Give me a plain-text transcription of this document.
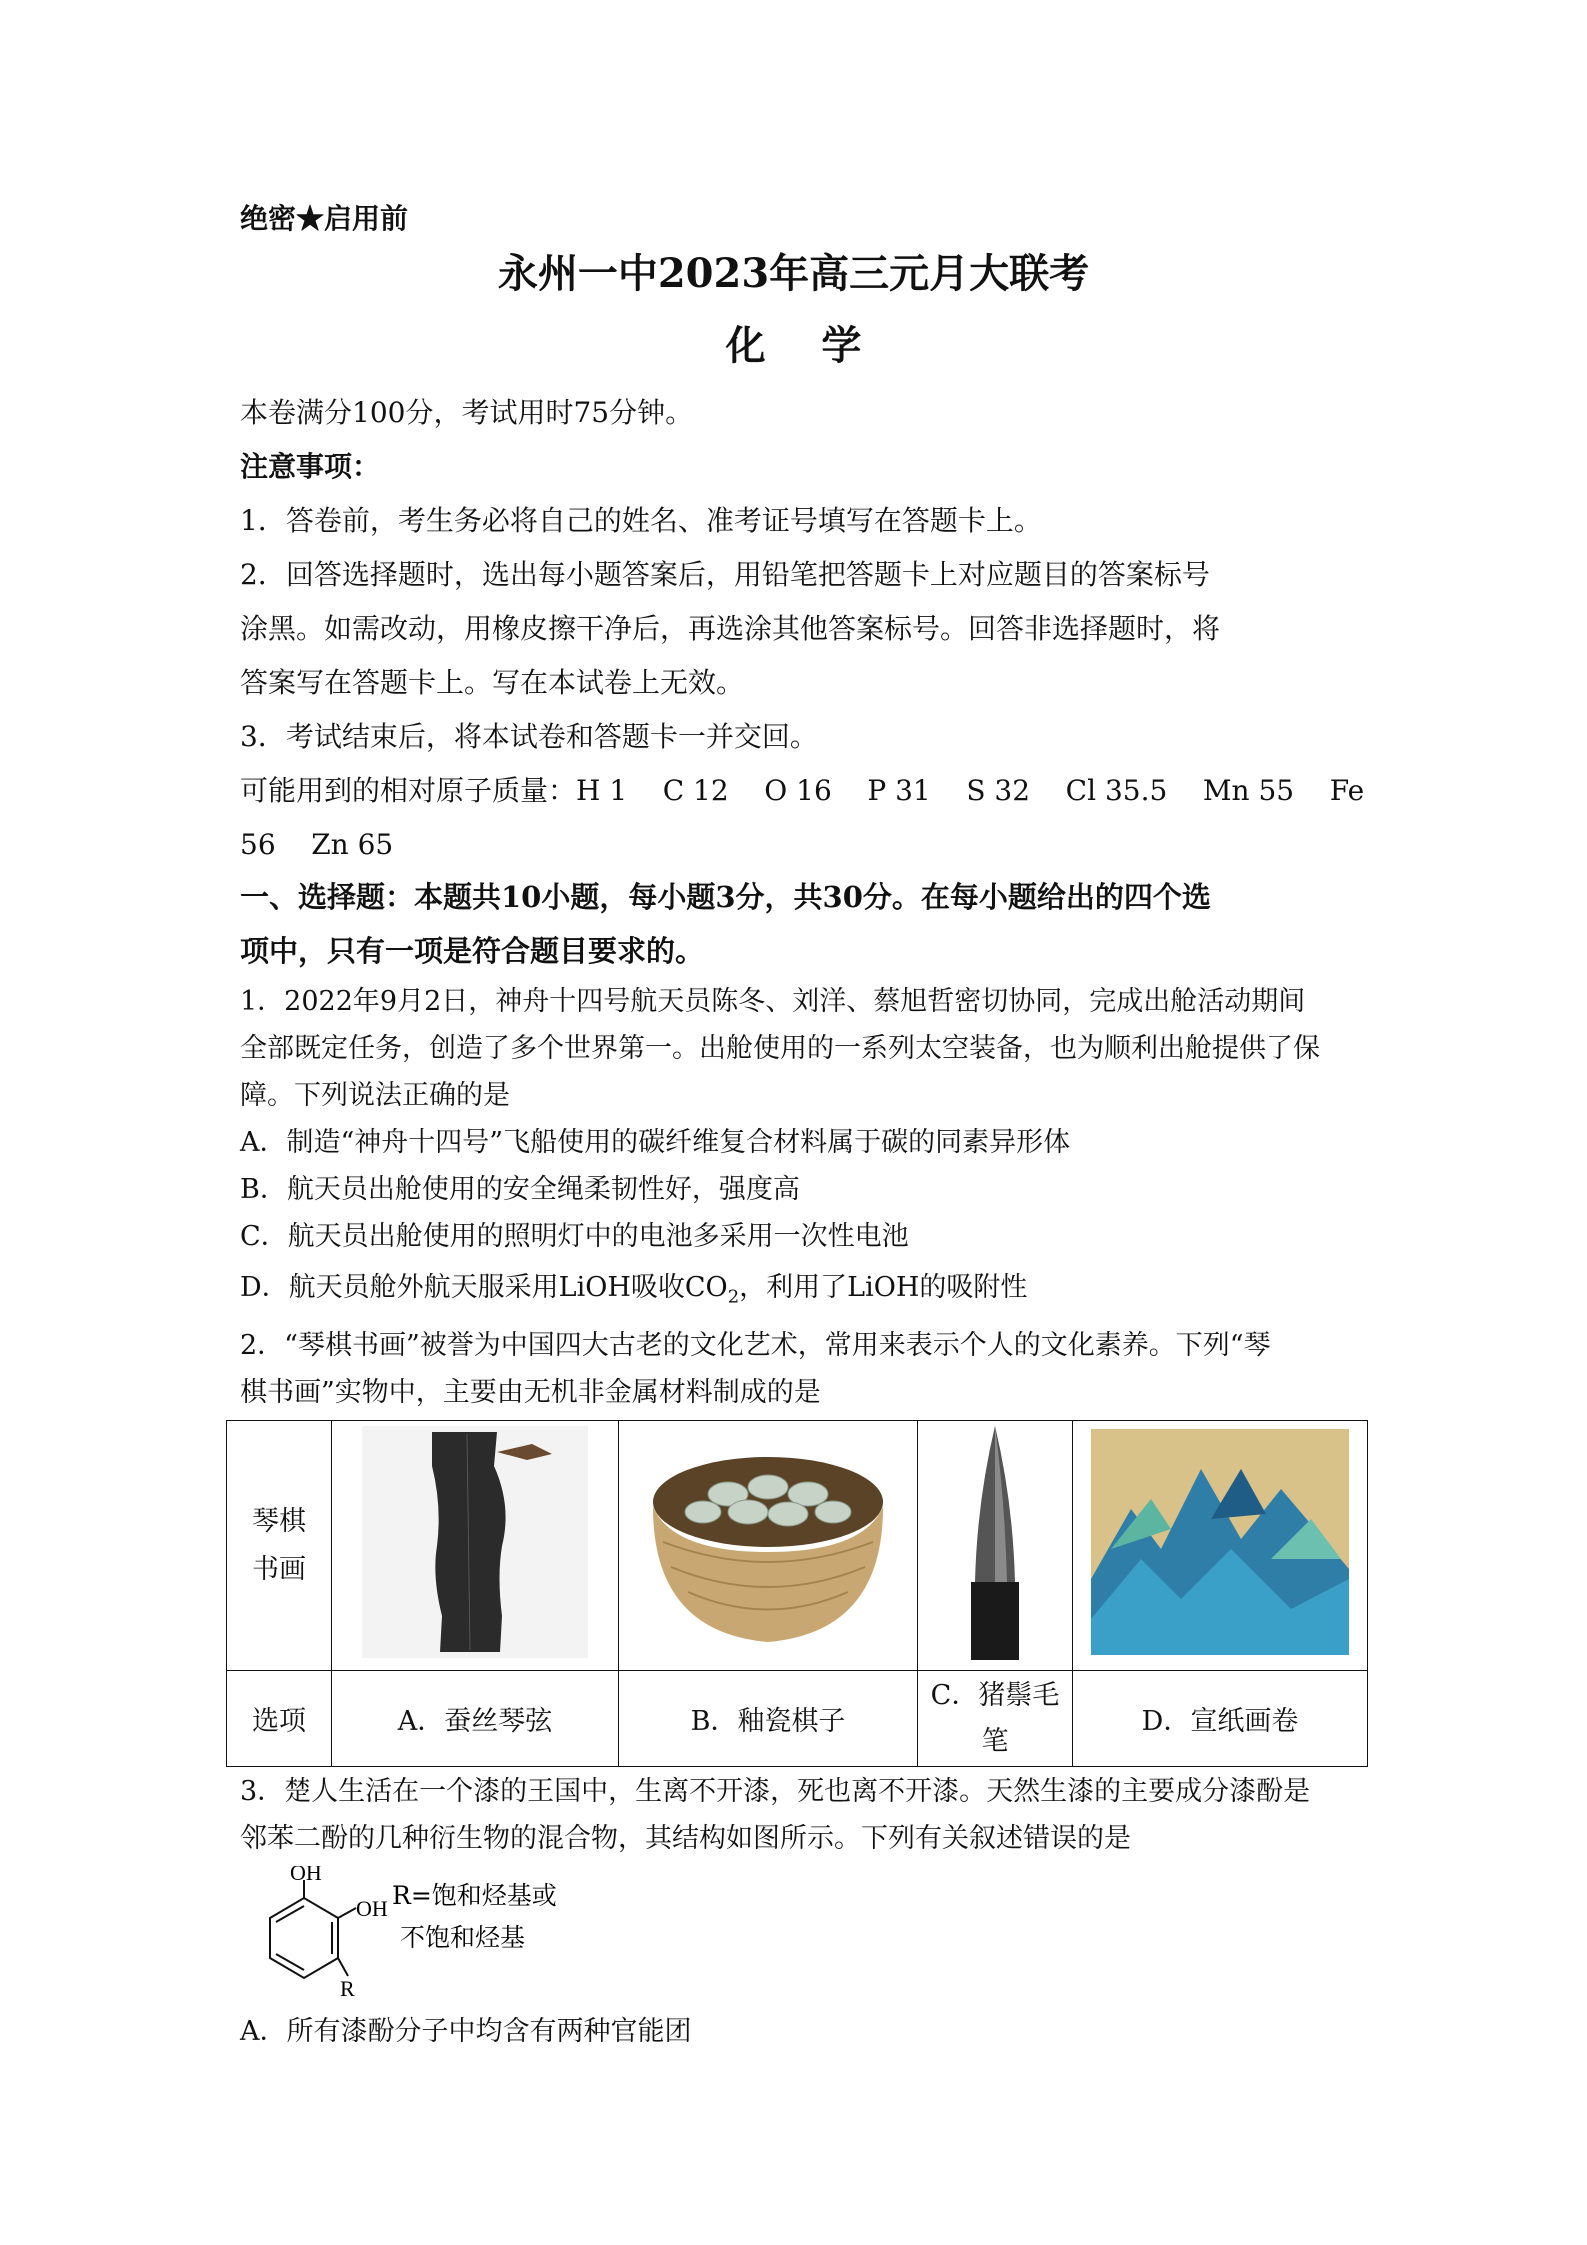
绝密★启用前

永州一中2023年高三元月大联考

化    学

本卷满分100分，考试用时75分钟。

注意事项：

1．答卷前，考生务必将自己的姓名、准考证号填写在答题卡上。

2．回答选择题时，选出每小题答案后，用铅笔把答题卡上对应题目的答案标号

涂黑。如需改动，用橡皮擦干净后，再选涂其他答案标号。回答非选择题时，将

答案写在答题卡上。写在本试卷上无效。

3．考试结束后，将本试卷和答题卡一并交回。

可能用到的相对原子质量：H 1    C 12    O 16    P 31    S 32    Cl 35.5    Mn 55    Fe

56    Zn 65

一、选择题：本题共10小题，每小题3分，共30分。在每小题给出的四个选

项中，只有一项是符合题目要求的。

1．2022年9月2日，神舟十四号航天员陈冬、刘洋、蔡旭哲密切协同，完成出舱活动期间

全部既定任务，创造了多个世界第一。出舱使用的一系列太空装备，也为顺利出舱提供了保

障。下列说法正确的是

A．制造“神舟十四号”飞船使用的碳纤维复合材料属于碳的同素异形体

B．航天员出舱使用的安全绳柔韧性好，强度高

C．航天员出舱使用的照明灯中的电池多采用一次性电池

D．航天员舱外航天服采用LiOH吸收$CO_2$，利用了LiOH的吸附性

2．“琴棋书画”被誉为中国四大古老的文化艺术，常用来表示个人的文化素养。下列“琴

棋书画”实物中，主要由无机非金属材料制成的是

琴棋
书画

选项	A．蚕丝琴弦	B．釉瓷棋子	C．猪鬃毛
笔	D．宣纸画卷

3．楚人生活在一个漆的王国中，生离不开漆，死也离不开漆。天然生漆的主要成分漆酚是

邻苯二酚的几种衍生物的混合物，其结构如图所示。下列有关叙述错误的是

OH
OH
R
R=饱和烃基或
不饱和烃基

A．所有漆酚分子中均含有两种官能团
